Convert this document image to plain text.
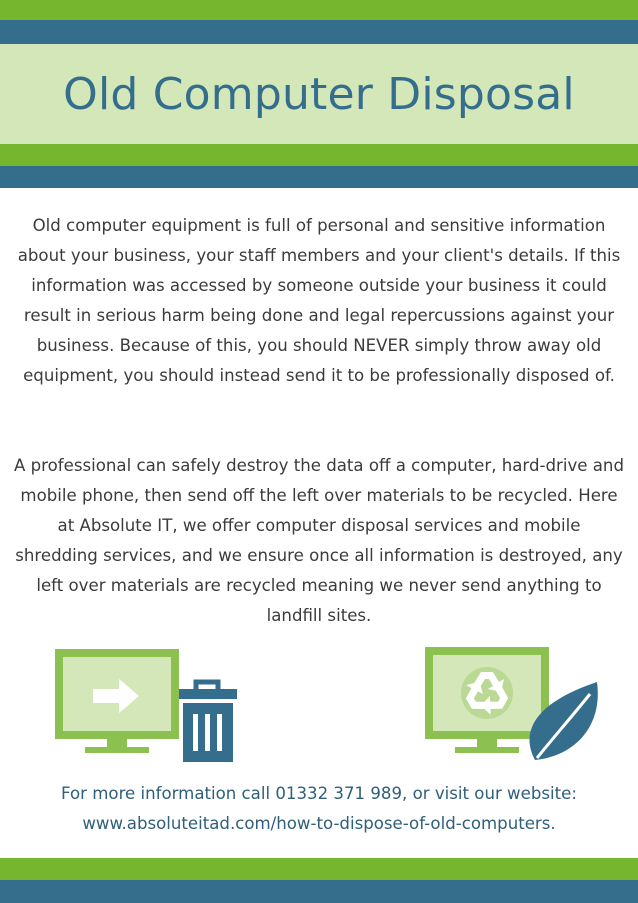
Old Computer Disposal

Old computer equipment is full of personal and sensitive information about your business, your staff members and your client's details. If this information was accessed by someone outside your business it could result in serious harm being done and legal repercussions against your business. Because of this, you should NEVER simply throw away old equipment, you should instead send it to be professionally disposed of.

A professional can safely destroy the data off a computer, hard-drive and mobile phone, then send off the left over materials to be recycled. Here at Absolute IT, we offer computer disposal services and mobile shredding services, and we ensure once all information is destroyed, any left over materials are recycled meaning we never send anything to landfill sites.

For more information call 01332 371 989, or visit our website:
www.absoluteitad.com/how-to-dispose-of-old-computers.
